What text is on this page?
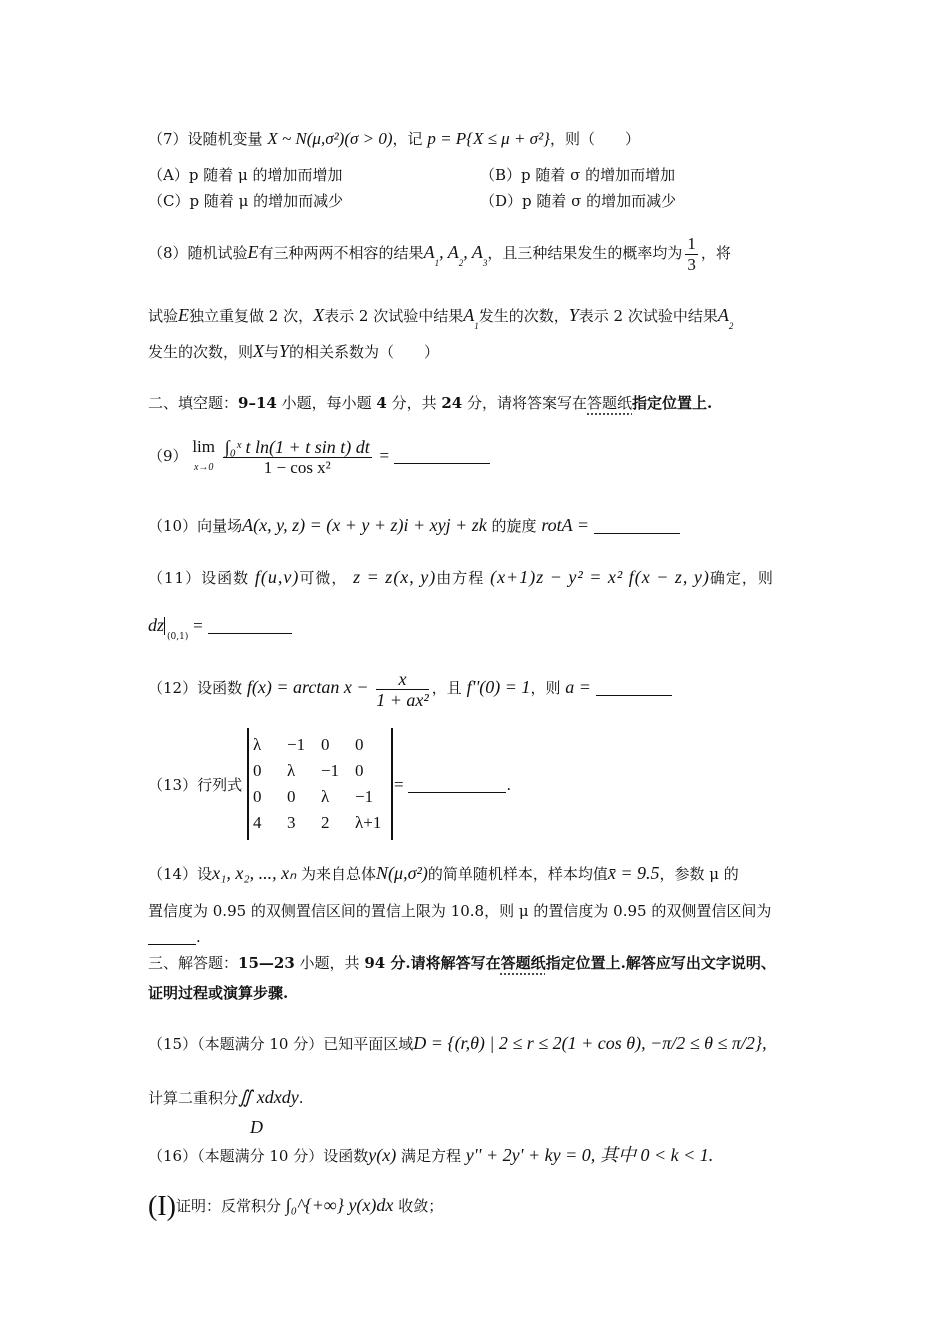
（7）设随机变量 X ~ N(μ,σ²)(σ > 0)，记 p = P{X ≤ μ + σ²}，则（　　）
（A）p 随着 μ 的增加而增加	（B）p 随着 σ 的增加而增加
（C）p 随着 μ 的增加而减少	（D）p 随着 σ 的增加而减少
（8）随机试验E有三种两两不相容的结果$A_1$, $A_2$, $A_3$，且三种结果发生的概率均为 $\frac{1}{3}$ ，将
试验E独立重复做 2 次，X表示 2 次试验中结果$A_1$发生的次数，Y表示 2 次试验中结果$A_2$
发生的次数，则X与Y的相关系数为（　　）
二、填空题：9–14 小题，每小题 4 分，共 24 分，请将答案写在答题纸指定位置上.
（9） lim
$x\to 0 \frac{\text{∫₀ˣ t ln(1 + t sin t) dt}}{\text{1 − cos x²}}$ =
（10）向量场A(x, y, z) = (x + y + z)i + xyj + zk 的旋度 rotA =
（11）设函数 f(u,v)可微， z = z(x, y)由方程 (x+1)z − y² = x² f(x − z, y)确定，则
$dz_{(0,1)}$ =
（12）设函数 $f(x) = \arctan x - \frac{x}{\text{1 + ax²}}$ ，且 f''(0) = 1，则 a =
（13）行列式
λ	−1	0	0
0	λ	−1	0
0	0	λ	−1
4	3	2	λ+1
=	.
（14）设x₁, x₂, ..., xₙ 为来自总体N(μ,σ²)的简单随机样本，样本均值x̄ = 9.5，参数 μ 的
置信度为 0.95 的双侧置信区间的置信上限为 10.8，则 μ 的置信度为 0.95 的双侧置信区间为
.
三、解答题：15—23 小题，共 94 分.请将解答写在答题纸指定位置上.解答应写出文字说明、
证明过程或演算步骤.
（15）（本题满分 10 分）已知平面区域D = {(r,θ) | 2 ≤ r ≤ 2(1 + cos θ), −π/2 ≤ θ ≤ π/2},
计算二重积分∬ xdxdy.
D
（16）（本题满分 10 分）设函数y(x) 满足方程 y'' + 2y' + ky = 0, 其中 0 < k < 1.
(I)证明：反常积分 ∫₀^{+∞} y(x)dx 收敛；
